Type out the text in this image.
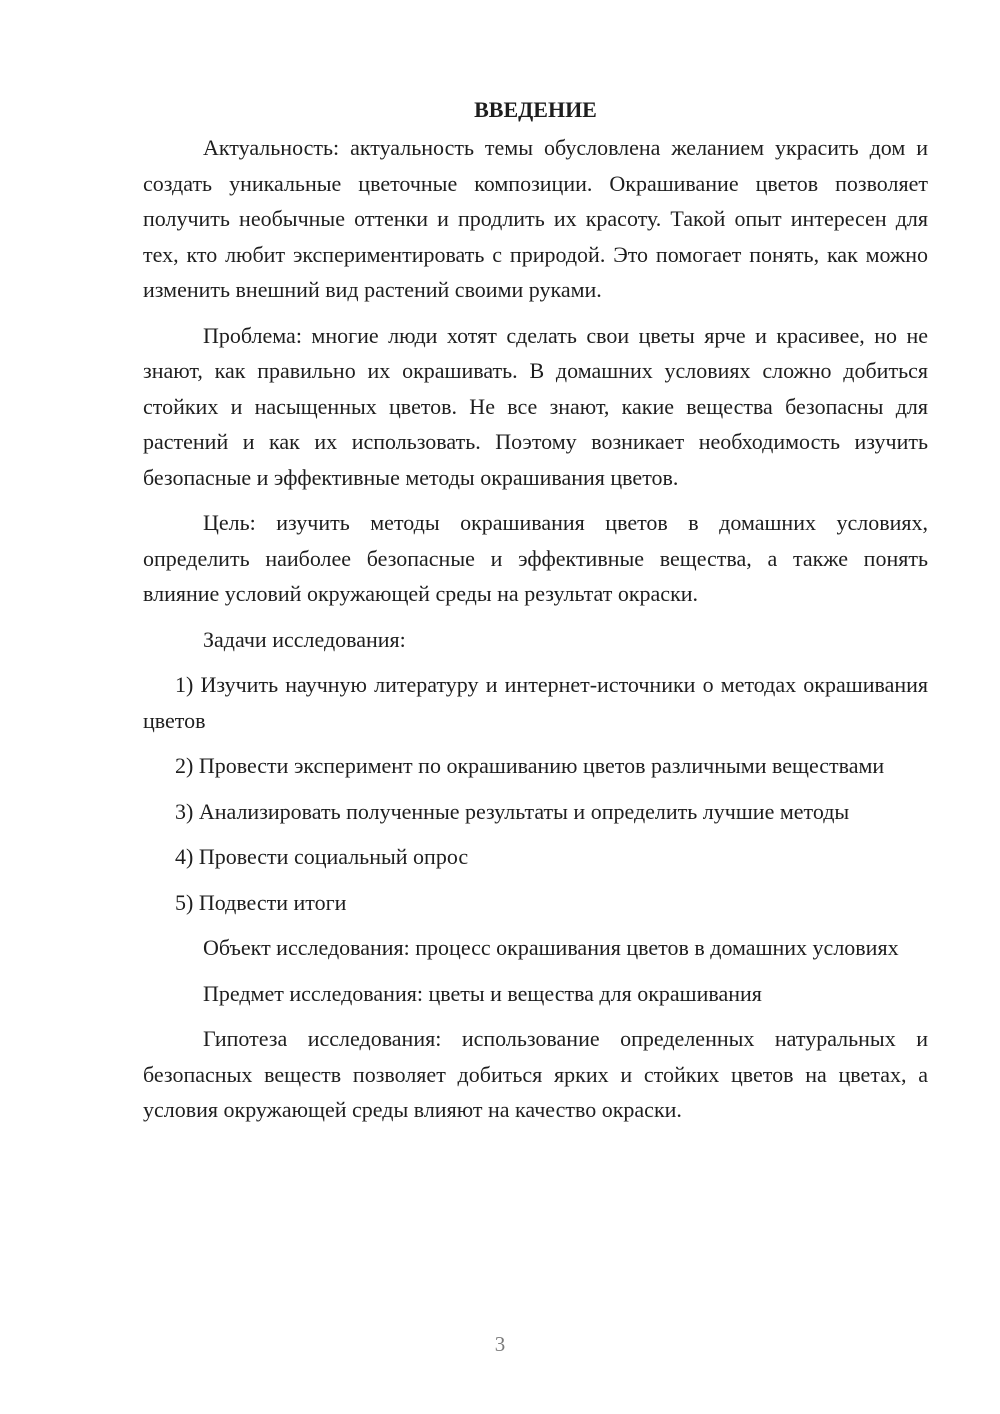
ВВЕДЕНИЕ

Актуальность: актуальность темы обусловлена желанием украсить дом и создать уникальные цветочные композиции. Окрашивание цветов позволяет получить необычные оттенки и продлить их красоту. Такой опыт интересен для тех, кто любит экспериментировать с природой. Это помогает понять, как можно изменить внешний вид растений своими руками.

Проблема: многие люди хотят сделать свои цветы ярче и красивее, но не знают, как правильно их окрашивать. В домашних условиях сложно добиться стойких и насыщенных цветов. Не все знают, какие вещества безопасны для растений и как их использовать. Поэтому возникает необходимость изучить безопасные и эффективные методы окрашивания цветов.

Цель: изучить методы окрашивания цветов в домашних условиях, определить наиболее безопасные и эффективные вещества, а также понять влияние условий окружающей среды на результат окраски.

Задачи исследования:

1) Изучить научную литературу и интернет-источники о методах окрашивания цветов

2) Провести эксперимент по окрашиванию цветов различными веществами

3) Анализировать полученные результаты и определить лучшие методы

4) Провести социальный опрос

5) Подвести итоги

Объект исследования: процесс окрашивания цветов в домашних условиях

Предмет исследования: цветы и вещества для окрашивания

Гипотеза исследования: использование определенных натуральных и безопасных веществ позволяет добиться ярких и стойких цветов на цветах, а условия окружающей среды влияют на качество окраски.

3
